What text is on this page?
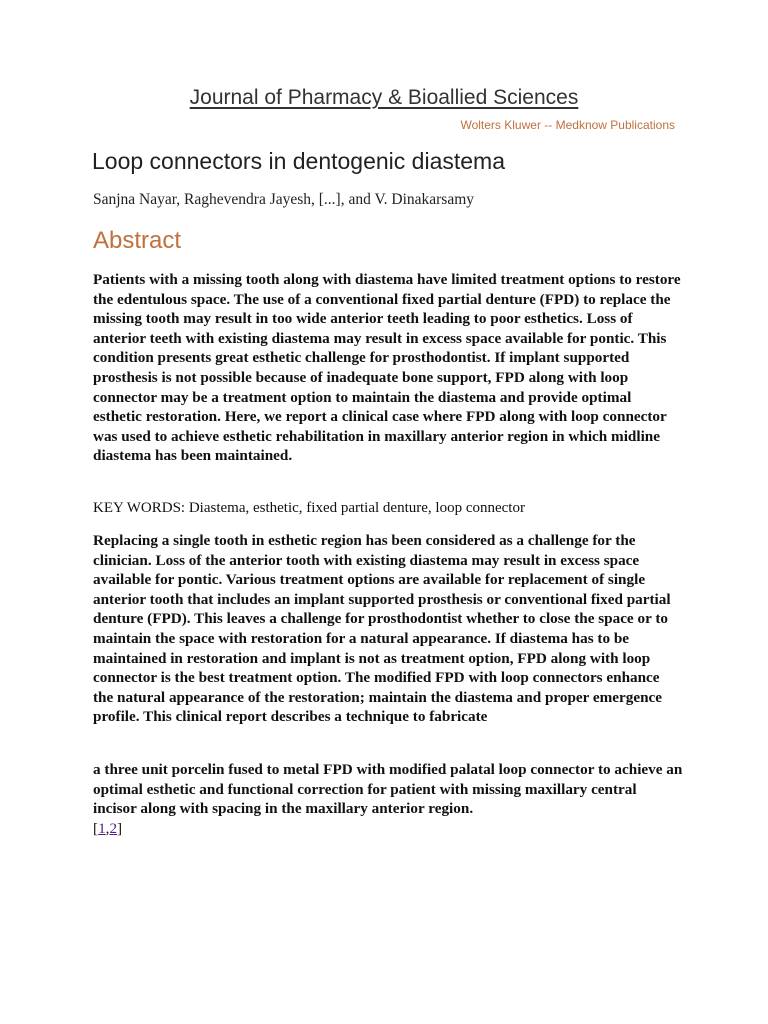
Journal of Pharmacy & Bioallied Sciences
Wolters Kluwer -- Medknow Publications
Loop connectors in dentogenic diastema
Sanjna Nayar, Raghevendra Jayesh, [...], and V. Dinakarsamy
Abstract

Patients with a missing tooth along with diastema have limited treatment options to restore the edentulous space. The use of a conventional fixed partial denture (FPD) to replace the missing tooth may result in too wide anterior teeth leading to poor esthetics. Loss of anterior teeth with existing diastema may result in excess space available for pontic. This condition presents great esthetic challenge for prosthodontist. If implant supported prosthesis is not possible because of inadequate bone support, FPD along with loop connector may be a treatment option to maintain the diastema and provide optimal esthetic restoration. Here, we report a clinical case where FPD along with loop connector was used to achieve esthetic rehabilitation in maxillary anterior region in which midline diastema has been maintained.

KEY WORDS: Diastema, esthetic, fixed partial denture, loop connector

Replacing a single tooth in esthetic region has been considered as a challenge for the clinician. Loss of the anterior tooth with existing diastema may result in excess space available for pontic. Various treatment options are available for replacement of single anterior tooth that includes an implant supported prosthesis or conventional fixed partial denture (FPD). This leaves a challenge for prosthodontist whether to close the space or to maintain the space with restoration for a natural appearance. If diastema has to be maintained in restoration and implant is not as treatment option, FPD along with loop connector is the best treatment option. The modified FPD with loop connectors enhance the natural appearance of the restoration; maintain the diastema and proper emergence profile. This clinical report describes a technique to fabricate

a three unit porcelin fused to metal FPD with modified palatal loop connector to achieve an optimal esthetic and functional correction for patient with missing maxillary central incisor along with spacing in the maxillary anterior region.
[1,2]
